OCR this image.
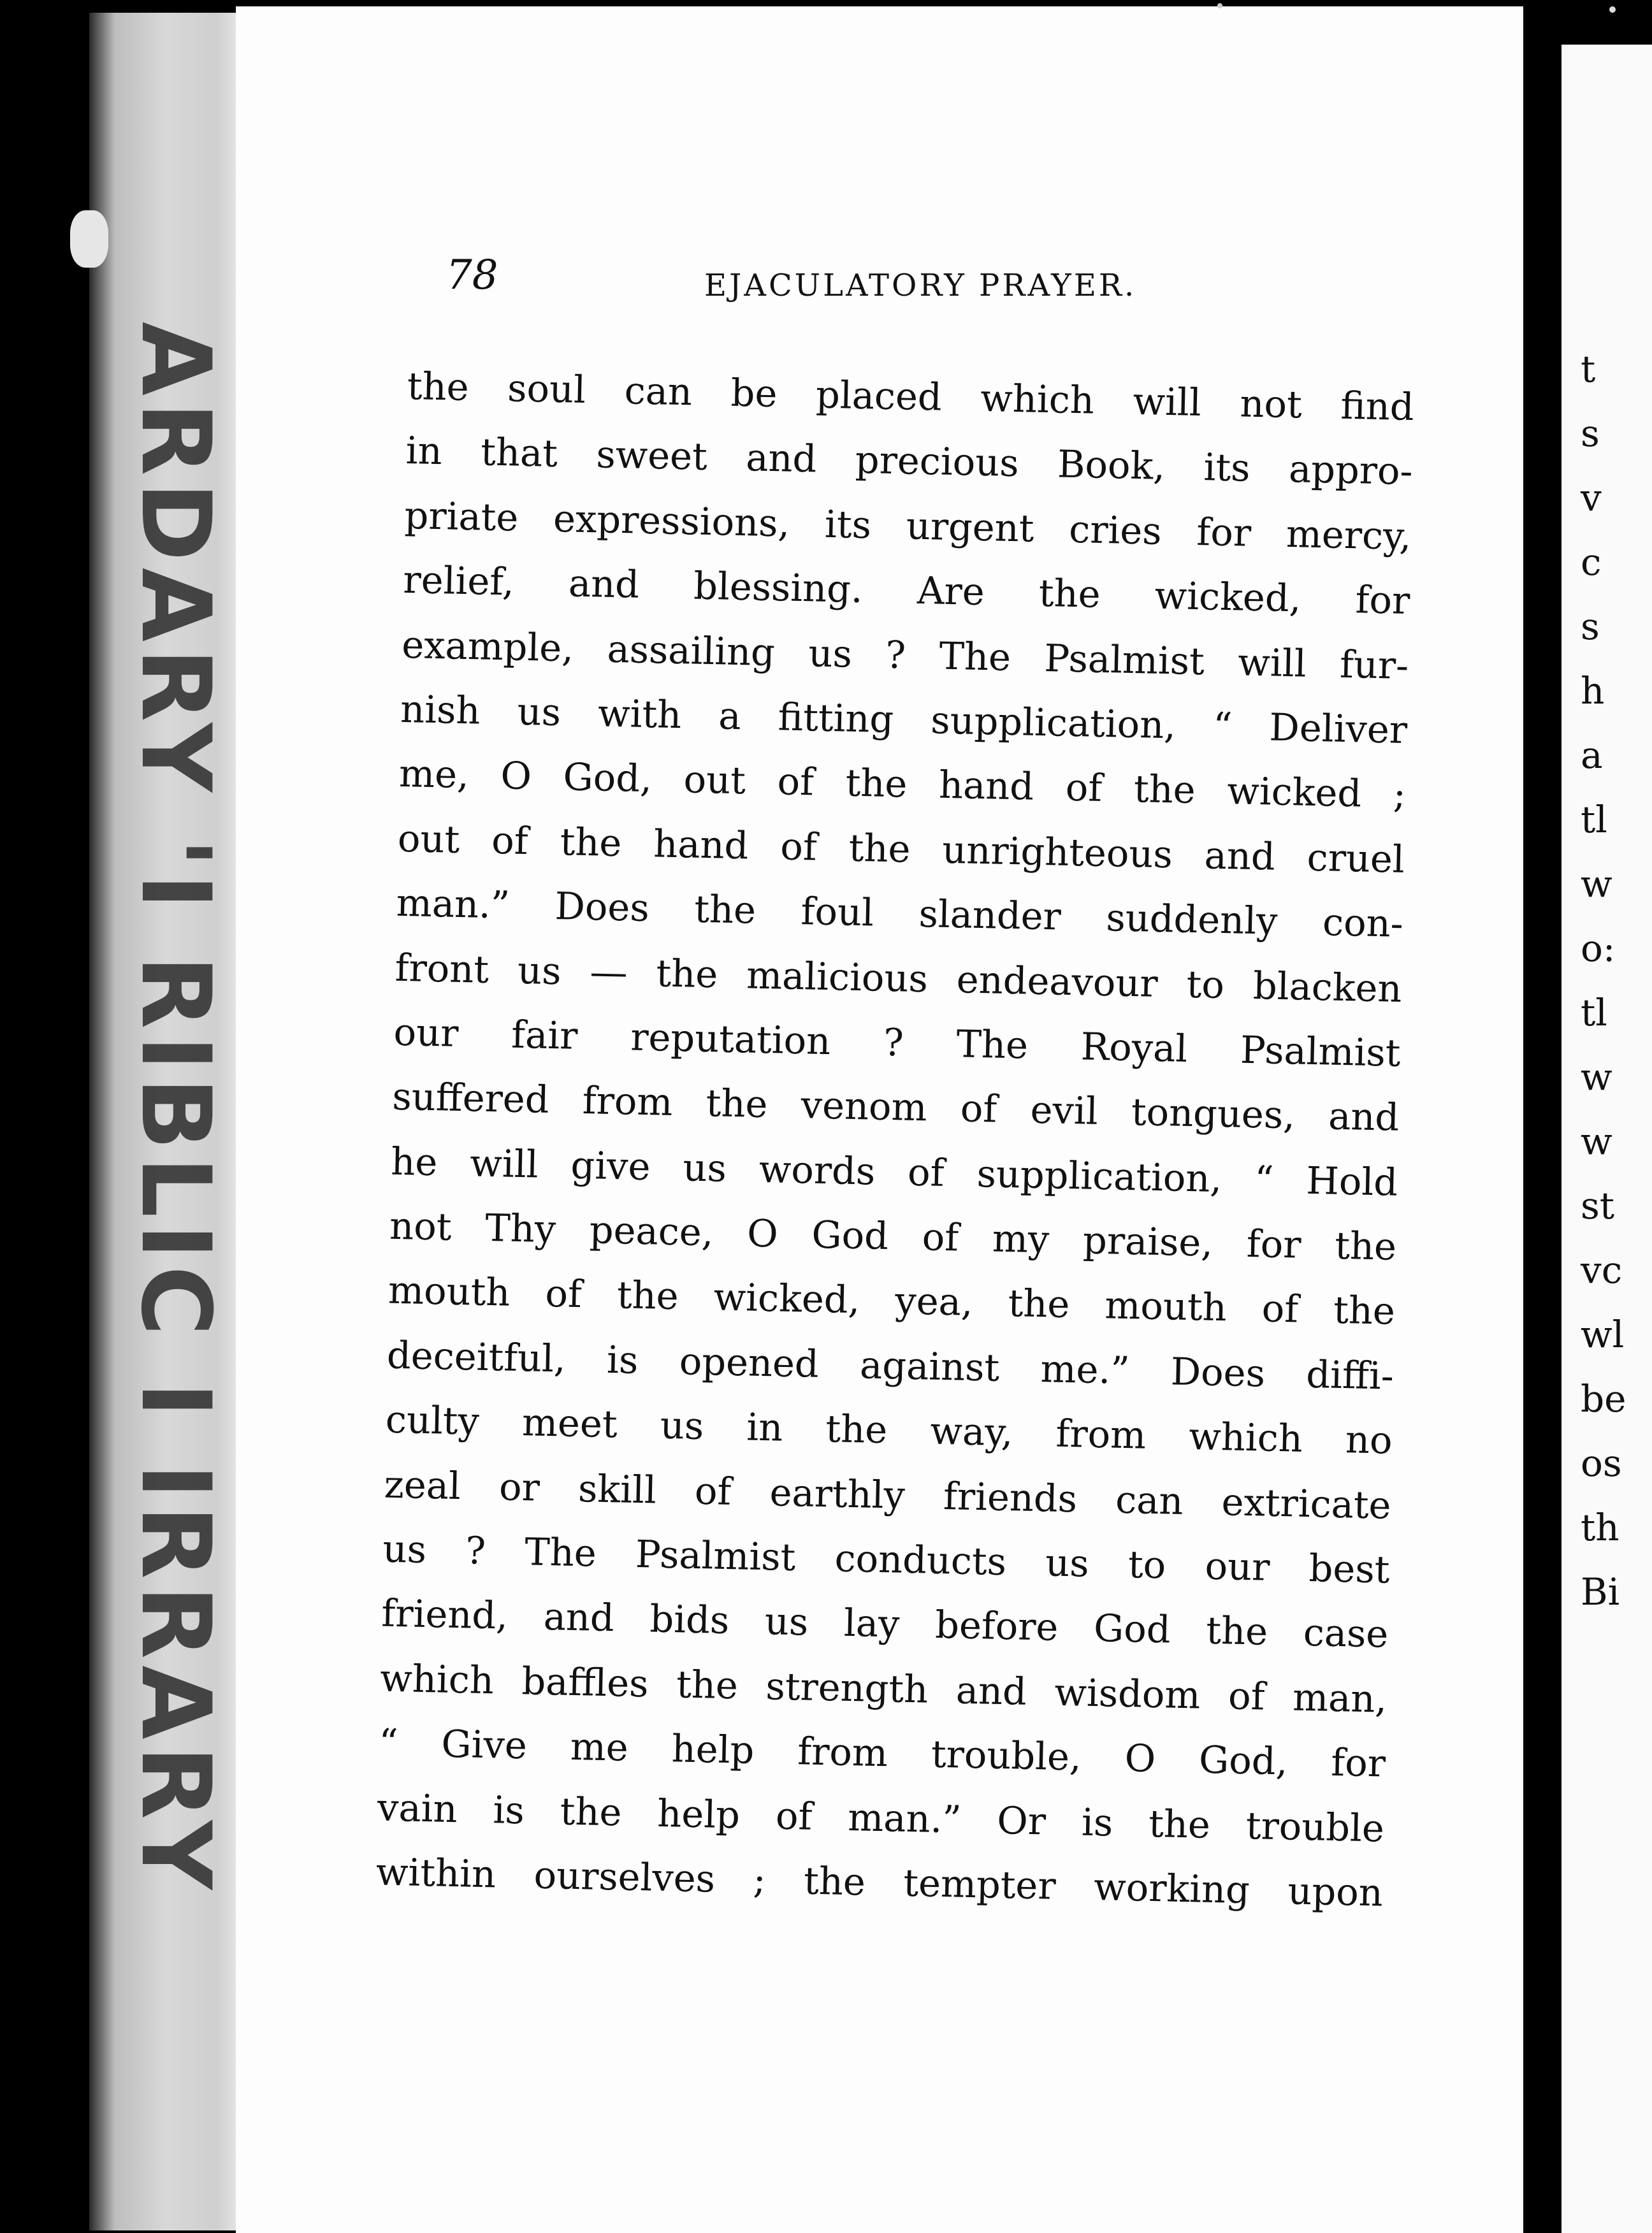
ARDARY 'I RIBLIC I IRRARY
78	EJACULATORY PRAYER.
the soul can be placed which will not find
in that sweet and precious Book, its appro-
priate expressions, its urgent cries for mercy,
relief, and blessing. Are the wicked, for
example, assailing us ? The Psalmist will fur-
nish us with a fitting supplication, “ Deliver
me, O God, out of the hand of the wicked ;
out of the hand of the unrighteous and cruel
man.” Does the foul slander suddenly con-
front us — the malicious endeavour to blacken
our fair reputation ? The Royal Psalmist
suffered from the venom of evil tongues, and
he will give us words of supplication, “ Hold
not Thy peace, O God of my praise, for the
mouth of the wicked, yea, the mouth of the
deceitful, is opened against me.” Does diffi-
culty meet us in the way, from which no
zeal or skill of earthly friends can extricate
us ? The Psalmist conducts us to our best
friend, and bids us lay before God the case
which baffles the strength and wisdom of man,
“ Give me help from trouble, O God, for
vain is the help of man.” Or is the trouble
within ourselves ; the tempter working upon
t
s
v
c
s
h
a
tl
w
o:
tl
w
w
st
vc
wl
be
os
th
Bi
